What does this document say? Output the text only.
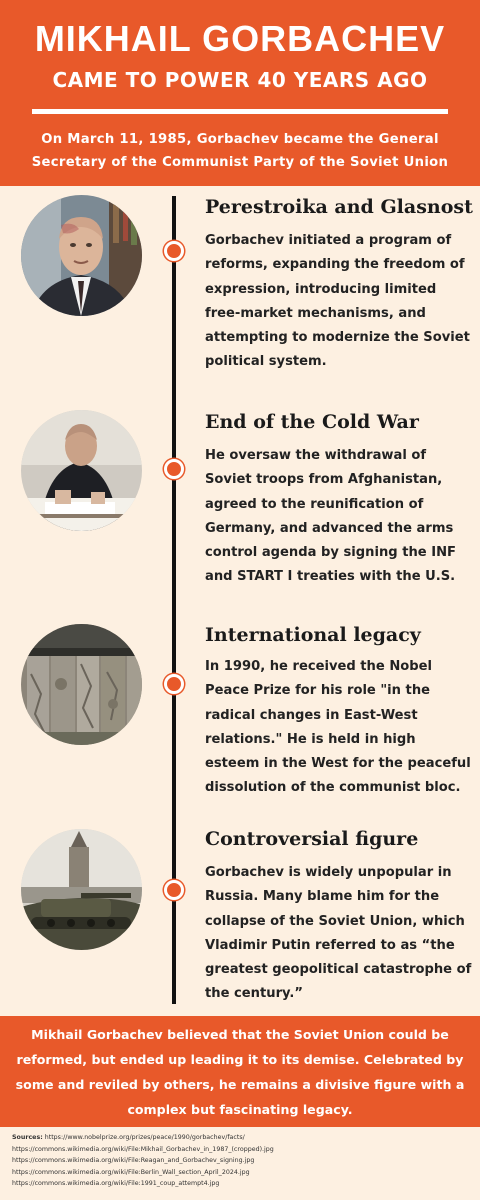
MIKHAIL GORBACHEV
CAME TO POWER 40 YEARS AGO
On March 11, 1985, Gorbachev became the General Secretary of the Communist Party of the Soviet Union
Perestroika and Glasnost
Gorbachev initiated a program of reforms, expanding the freedom of expression, introducing limited free-market mechanisms, and attempting to modernize the Soviet political system.
End of the Cold War
He oversaw the withdrawal of Soviet troops from Afghanistan, agreed to the reunification of Germany, and advanced the arms control agenda by signing the INF and START I treaties with the U.S.
International legacy
In 1990, he received the Nobel Peace Prize for his role "in the radical changes in East-West relations." He is held in high esteem in the West for the peaceful dissolution of the communist bloc.
Controversial figure
Gorbachev is widely unpopular in Russia. Many blame him for the collapse of the Soviet Union, which Vladimir Putin referred to as “the greatest geopolitical catastrophe of the century.”
Mikhail Gorbachev believed that the Soviet Union could be reformed, but ended up leading it to its demise. Celebrated by some and reviled by others, he remains a divisive figure with a complex but fascinating legacy.
Sources: https://www.nobelprize.org/prizes/peace/1990/gorbachev/facts/
https://commons.wikimedia.org/wiki/File:Mikhail_Gorbachev_in_1987_(cropped).jpg
https://commons.wikimedia.org/wiki/File:Reagan_and_Gorbachev_signing.jpg
https://commons.wikimedia.org/wiki/File:Berlin_Wall_section_April_2024.jpg
https://commons.wikimedia.org/wiki/File:1991_coup_attempt4.jpg
